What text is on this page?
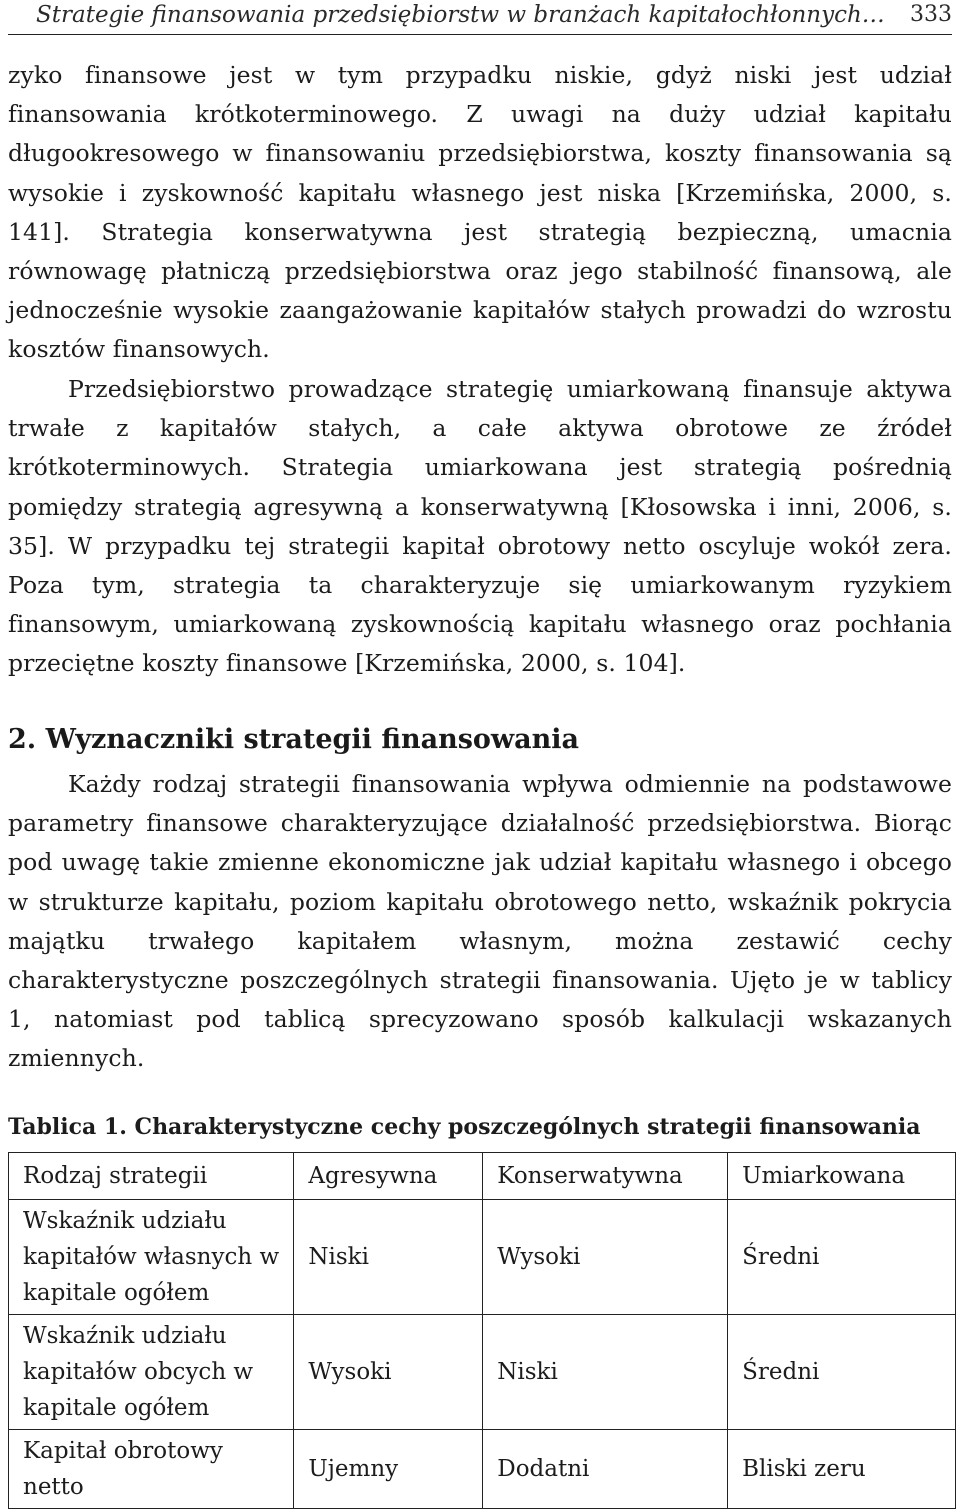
Strategie finansowania przedsiębiorstw w branżach kapitałochłonnych… 333

zyko finansowe jest w tym przypadku niskie, gdyż niski jest udział finansowania krótkoterminowego. Z uwagi na duży udział kapitału długookresowego w finansowaniu przedsiębiorstwa, koszty finansowania są wysokie i zyskowność kapitału własnego jest niska [Krzemińska, 2000, s. 141]. Strategia konserwatywna jest strategią bezpieczną, umacnia równowagę płatniczą przedsiębiorstwa oraz jego stabilność finansową, ale jednocześnie wysokie zaangażowanie kapitałów stałych prowadzi do wzrostu kosztów finansowych.

Przedsiębiorstwo prowadzące strategię umiarkowaną finansuje aktywa trwałe z kapitałów stałych, a całe aktywa obrotowe ze źródeł krótkoterminowych. Strategia umiarkowana jest strategią pośrednią pomiędzy strategią agresywną a konserwatywną [Kłosowska i inni, 2006, s. 35]. W przypadku tej strategii kapitał obrotowy netto oscyluje wokół zera. Poza tym, strategia ta charakteryzuje się umiarkowanym ryzykiem finansowym, umiarkowaną zyskownością kapitału własnego oraz pochłania przeciętne koszty finansowe [Krzemińska, 2000, s. 104].

2. Wyznaczniki strategii finansowania

Każdy rodzaj strategii finansowania wpływa odmiennie na podstawowe parametry finansowe charakteryzujące działalność przedsiębiorstwa. Biorąc pod uwagę takie zmienne ekonomiczne jak udział kapitału własnego i obcego w strukturze kapitału, poziom kapitału obrotowego netto, wskaźnik pokrycia majątku trwałego kapitałem własnym, można zestawić cechy charakterystyczne poszczególnych strategii finansowania. Ujęto je w tablicy 1, natomiast pod tablicą sprecyzowano sposób kalkulacji wskazanych zmiennych.

Tablica 1. Charakterystyczne cechy poszczególnych strategii finansowania
Rodzaj strategii	Agresywna	Konserwatywna	Umiarkowana
Wskaźnik udziału kapitałów własnych w kapitale ogółem	Niski	Wysoki	Średni
Wskaźnik udziału kapitałów obcych w kapitale ogółem	Wysoki	Niski	Średni
Kapitał obrotowy netto	Ujemny	Dodatni	Bliski zeru
